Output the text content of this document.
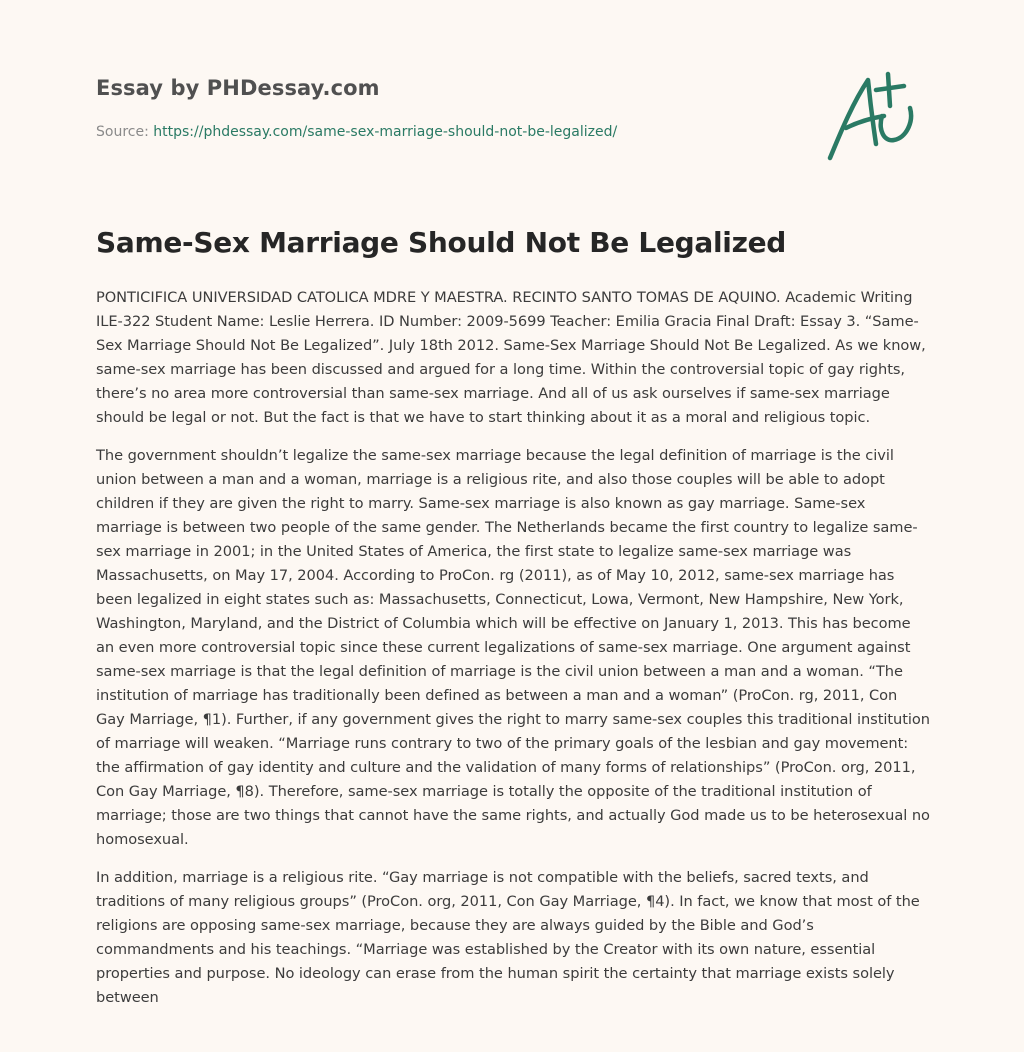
Essay by PHDessay.com
Source: https://phdessay.com/same-sex-marriage-should-not-be-legalized/
Same-Sex Marriage Should Not Be Legalized

PONTICIFICA UNIVERSIDAD CATOLICA MDRE Y MAESTRA. RECINTO SANTO TOMAS DE AQUINO. Academic Writing ILE-322 Student Name: Leslie Herrera. ID Number: 2009-5699 Teacher: Emilia Gracia Final Draft: Essay 3. “Same-Sex Marriage Should Not Be Legalized”. July 18th 2012. Same-Sex Marriage Should Not Be Legalized. As we know, same-sex marriage has been discussed and argued for a long time. Within the controversial topic of gay rights, there’s no area more controversial than same-sex marriage. And all of us ask ourselves if same-sex marriage should be legal or not. But the fact is that we have to start thinking about it as a moral and religious topic.

The government shouldn’t legalize the same-sex marriage because the legal definition of marriage is the civil union between a man and a woman, marriage is a religious rite, and also those couples will be able to adopt children if they are given the right to marry. Same-sex marriage is also known as gay marriage. Same-sex marriage is between two people of the same gender. The Netherlands became the first country to legalize same-sex marriage in 2001; in the United States of America, the first state to legalize same-sex marriage was Massachusetts, on May 17, 2004. According to ProCon. rg (2011), as of May 10, 2012, same-sex marriage has been legalized in eight states such as: Massachusetts, Connecticut, Lowa, Vermont, New Hampshire, New York, Washington, Maryland, and the District of Columbia which will be effective on January 1, 2013. This has become an even more controversial topic since these current legalizations of same-sex marriage. One argument against same-sex marriage is that the legal definition of marriage is the civil union between a man and a woman. “The institution of marriage has traditionally been defined as between a man and a woman” (ProCon. rg, 2011, Con Gay Marriage, ¶1). Further, if any government gives the right to marry same-sex couples this traditional institution of marriage will weaken. “Marriage runs contrary to two of the primary goals of the lesbian and gay movement: the affirmation of gay identity and culture and the validation of many forms of relationships” (ProCon. org, 2011, Con Gay Marriage, ¶8). Therefore, same-sex marriage is totally the opposite of the traditional institution of marriage; those are two things that cannot have the same rights, and actually God made us to be heterosexual no homosexual.

In addition, marriage is a religious rite. “Gay marriage is not compatible with the beliefs, sacred texts, and traditions of many religious groups” (ProCon. org, 2011, Con Gay Marriage, ¶4). In fact, we know that most of the religions are opposing same-sex marriage, because they are always guided by the Bible and God’s commandments and his teachings. “Marriage was established by the Creator with its own nature, essential properties and purpose. No ideology can erase from the human spirit the certainty that marriage exists solely between
